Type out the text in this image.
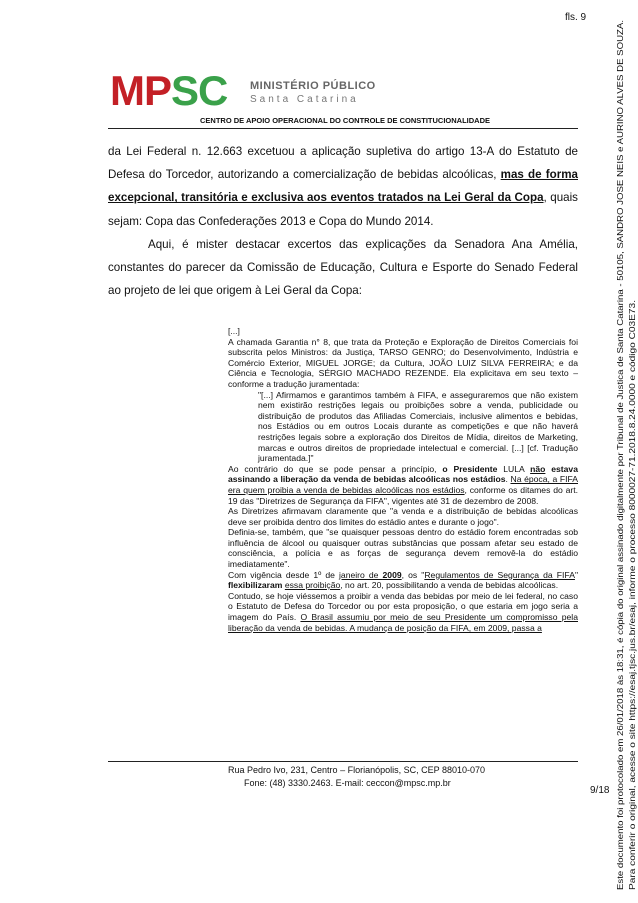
fls. 9
MPSC MINISTÉRIO PÚBLICO
Santa Catarina
CENTRO DE APOIO OPERACIONAL DO CONTROLE DE CONSTITUCIONALIDADE

da Lei Federal n. 12.663 excetuou a aplicação supletiva do artigo 13-A do Estatuto de Defesa do Torcedor, autorizando a comercialização de bebidas alcoólicas, mas de forma excepcional, transitória e exclusiva aos eventos tratados na Lei Geral da Copa, quais sejam: Copa das Confederações 2013 e Copa do Mundo 2014.

Aqui, é mister destacar excertos das explicações da Senadora Ana Amélia, constantes do parecer da Comissão de Educação, Cultura e Esporte do Senado Federal ao projeto de lei que origem à Lei Geral da Copa:

[...]

A chamada Garantia n° 8, que trata da Proteção e Exploração de Direitos Comerciais foi subscrita pelos Ministros: da Justiça, TARSO GENRO; do Desenvolvimento, Indústria e Comércio Exterior, MIGUEL JORGE; da Cultura, JOÃO LUIZ SILVA FERREIRA; e da Ciência e Tecnologia, SÉRGIO MACHADO REZENDE. Ela explicitava em seu texto – conforme a tradução juramentada:

"[...] Afirmamos e garantimos também à FIFA, e asseguraremos que não existem nem existirão restrições legais ou proibições sobre a venda, publicidade ou distribuição de produtos das Afiliadas Comerciais, inclusive alimentos e bebidas, nos Estádios ou em outros Locais durante as competições e que não haverá restrições legais sobre a exploração dos Direitos de Mídia, direitos de Marketing, marcas e outros direitos de propriedade intelectual e comercial. [...] [cf. Tradução juramentada.]"

Ao contrário do que se pode pensar a princípio, o Presidente LULA não estava assinando a liberação da venda de bebidas alcoólicas nos estádios. Na época, a FIFA era quem proibia a venda de bebidas alcoólicas nos estádios, conforme os ditames do art. 19 das "Diretrizes de Segurança da FIFA", vigentes até 31 de dezembro de 2008.

As Diretrizes afirmavam claramente que "a venda e a distribuição de bebidas alcoólicas deve ser proibida dentro dos limites do estádio antes e durante o jogo".

Definia-se, também, que "se quaisquer pessoas dentro do estádio forem encontradas sob influência de álcool ou quaisquer outras substâncias que possam afetar seu estado de consciência, a polícia e as forças de segurança devem removê-la do estádio imediatamente".

Com vigência desde 1º de janeiro de 2009, os "Regulamentos de Segurança da FIFA" flexibilizaram essa proibição, no art. 20, possibilitando a venda de bebidas alcoólicas.

Contudo, se hoje viéssemos a proibir a venda das bebidas por meio de lei federal, no caso o Estatuto de Defesa do Torcedor ou por esta proposição, o que estaria em jogo seria a imagem do País. O Brasil assumiu por meio de seu Presidente um compromisso pela liberação da venda de bebidas. A mudança de posição da FIFA, em 2009, passa a

Rua Pedro Ivo, 231, Centro – Florianópolis, SC, CEP 88010-070
Fone: (48) 3330.2463. E-mail: ceccon@mpsc.mp.br
9/18 Este documento foi protocolado em 26/01/2018 às 18:31, é cópia do original assinado digitalmente por Tribunal de Justica de Santa Catarina - 50105, SANDRO JOSE NEIS e AURINO ALVES DE SOUZA. Para conferir o original, acesse o site https://esaj.tjsc.jus.br/esaj, informe o processo 8000027-71.2018.8.24.0000 e código C03E73.
